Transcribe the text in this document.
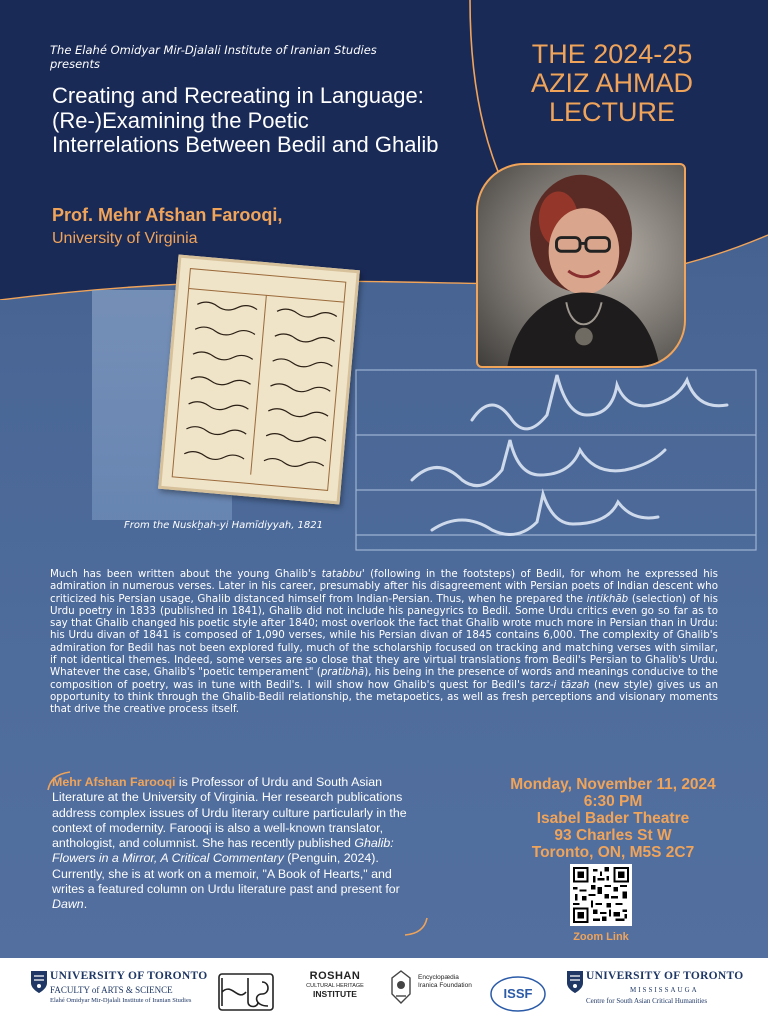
The Elahé Omidyar Mir-Djalali Institute of Iranian Studies presents
Creating and Recreating in Language: (Re-)Examining the Poetic Interrelations Between Bedil and Ghalib
Prof. Mehr Afshan Farooqi,
University of Virginia
THE 2024-25
AZIZ AHMAD
LECTURE
From the Nuskẖah-yi Hamīdiyyah, 1821
Much has been written about the young Ghalib's tatabbu' (following in the footsteps) of Bedil, for whom he expressed his admiration in numerous verses. Later in his career, presumably after his disagreement with Persian poets of Indian descent who criticized his Persian usage, Ghalib distanced himself from Indian-Persian. Thus, when he prepared the intikhāb (selection) of his Urdu poetry in 1833 (published in 1841), Ghalib did not include his panegyrics to Bedil. Some Urdu critics even go so far as to say that Ghalib changed his poetic style after 1840; most overlook the fact that Ghalib wrote much more in Persian than in Urdu: his Urdu divan of 1841 is composed of 1,090 verses, while his Persian divan of 1845 contains 6,000. The complexity of Ghalib's admiration for Bedil has not been explored fully, much of the scholarship focused on tracking and matching verses with similar, if not identical themes. Indeed, some verses are so close that they are virtual translations from Bedil's Persian to Ghalib's Urdu. Whatever the case, Ghalib's "poetic temperament" (pratibhā), his being in the presence of words and meanings conducive to the composition of poetry, was in tune with Bedil's. I will show how Ghalib's quest for Bedil's tarz-i tāzah (new style) gives us an opportunity to think through the Ghalib-Bedil relationship, the metapoetics, as well as fresh perceptions and visionary moments that drive the creative process itself.
Mehr Afshan Farooqi is Professor of Urdu and South Asian Literature at the University of Virginia. Her research publications address complex issues of Urdu literary culture particularly in the context of modernity. Farooqi is also a well-known translator, anthologist, and columnist. She has recently published Ghalib: Flowers in a Mirror, A Critical Commentary (Penguin, 2024). Currently, she is at work on a memoir, "A Book of Hearts," and writes a featured column on Urdu literature past and present for Dawn.
Monday, November 11, 2024
6:30 PM
Isabel Bader Theatre
93 Charles St W
Toronto, ON, M5S 2C7
Zoom Link
UNIVERSITY OF TORONTO
FACULTY of ARTS & SCIENCE
Elahé Omidyar Mir-Djalali Institute of Iranian Studies
ROSHAN
CULTURAL HERITAGE
INSTITUTE
Encyclopædia Iranica Foundation
ISSF
UNIVERSITY OF TORONTO
MISSISSAUGA
Centre for South Asian Critical Humanities
